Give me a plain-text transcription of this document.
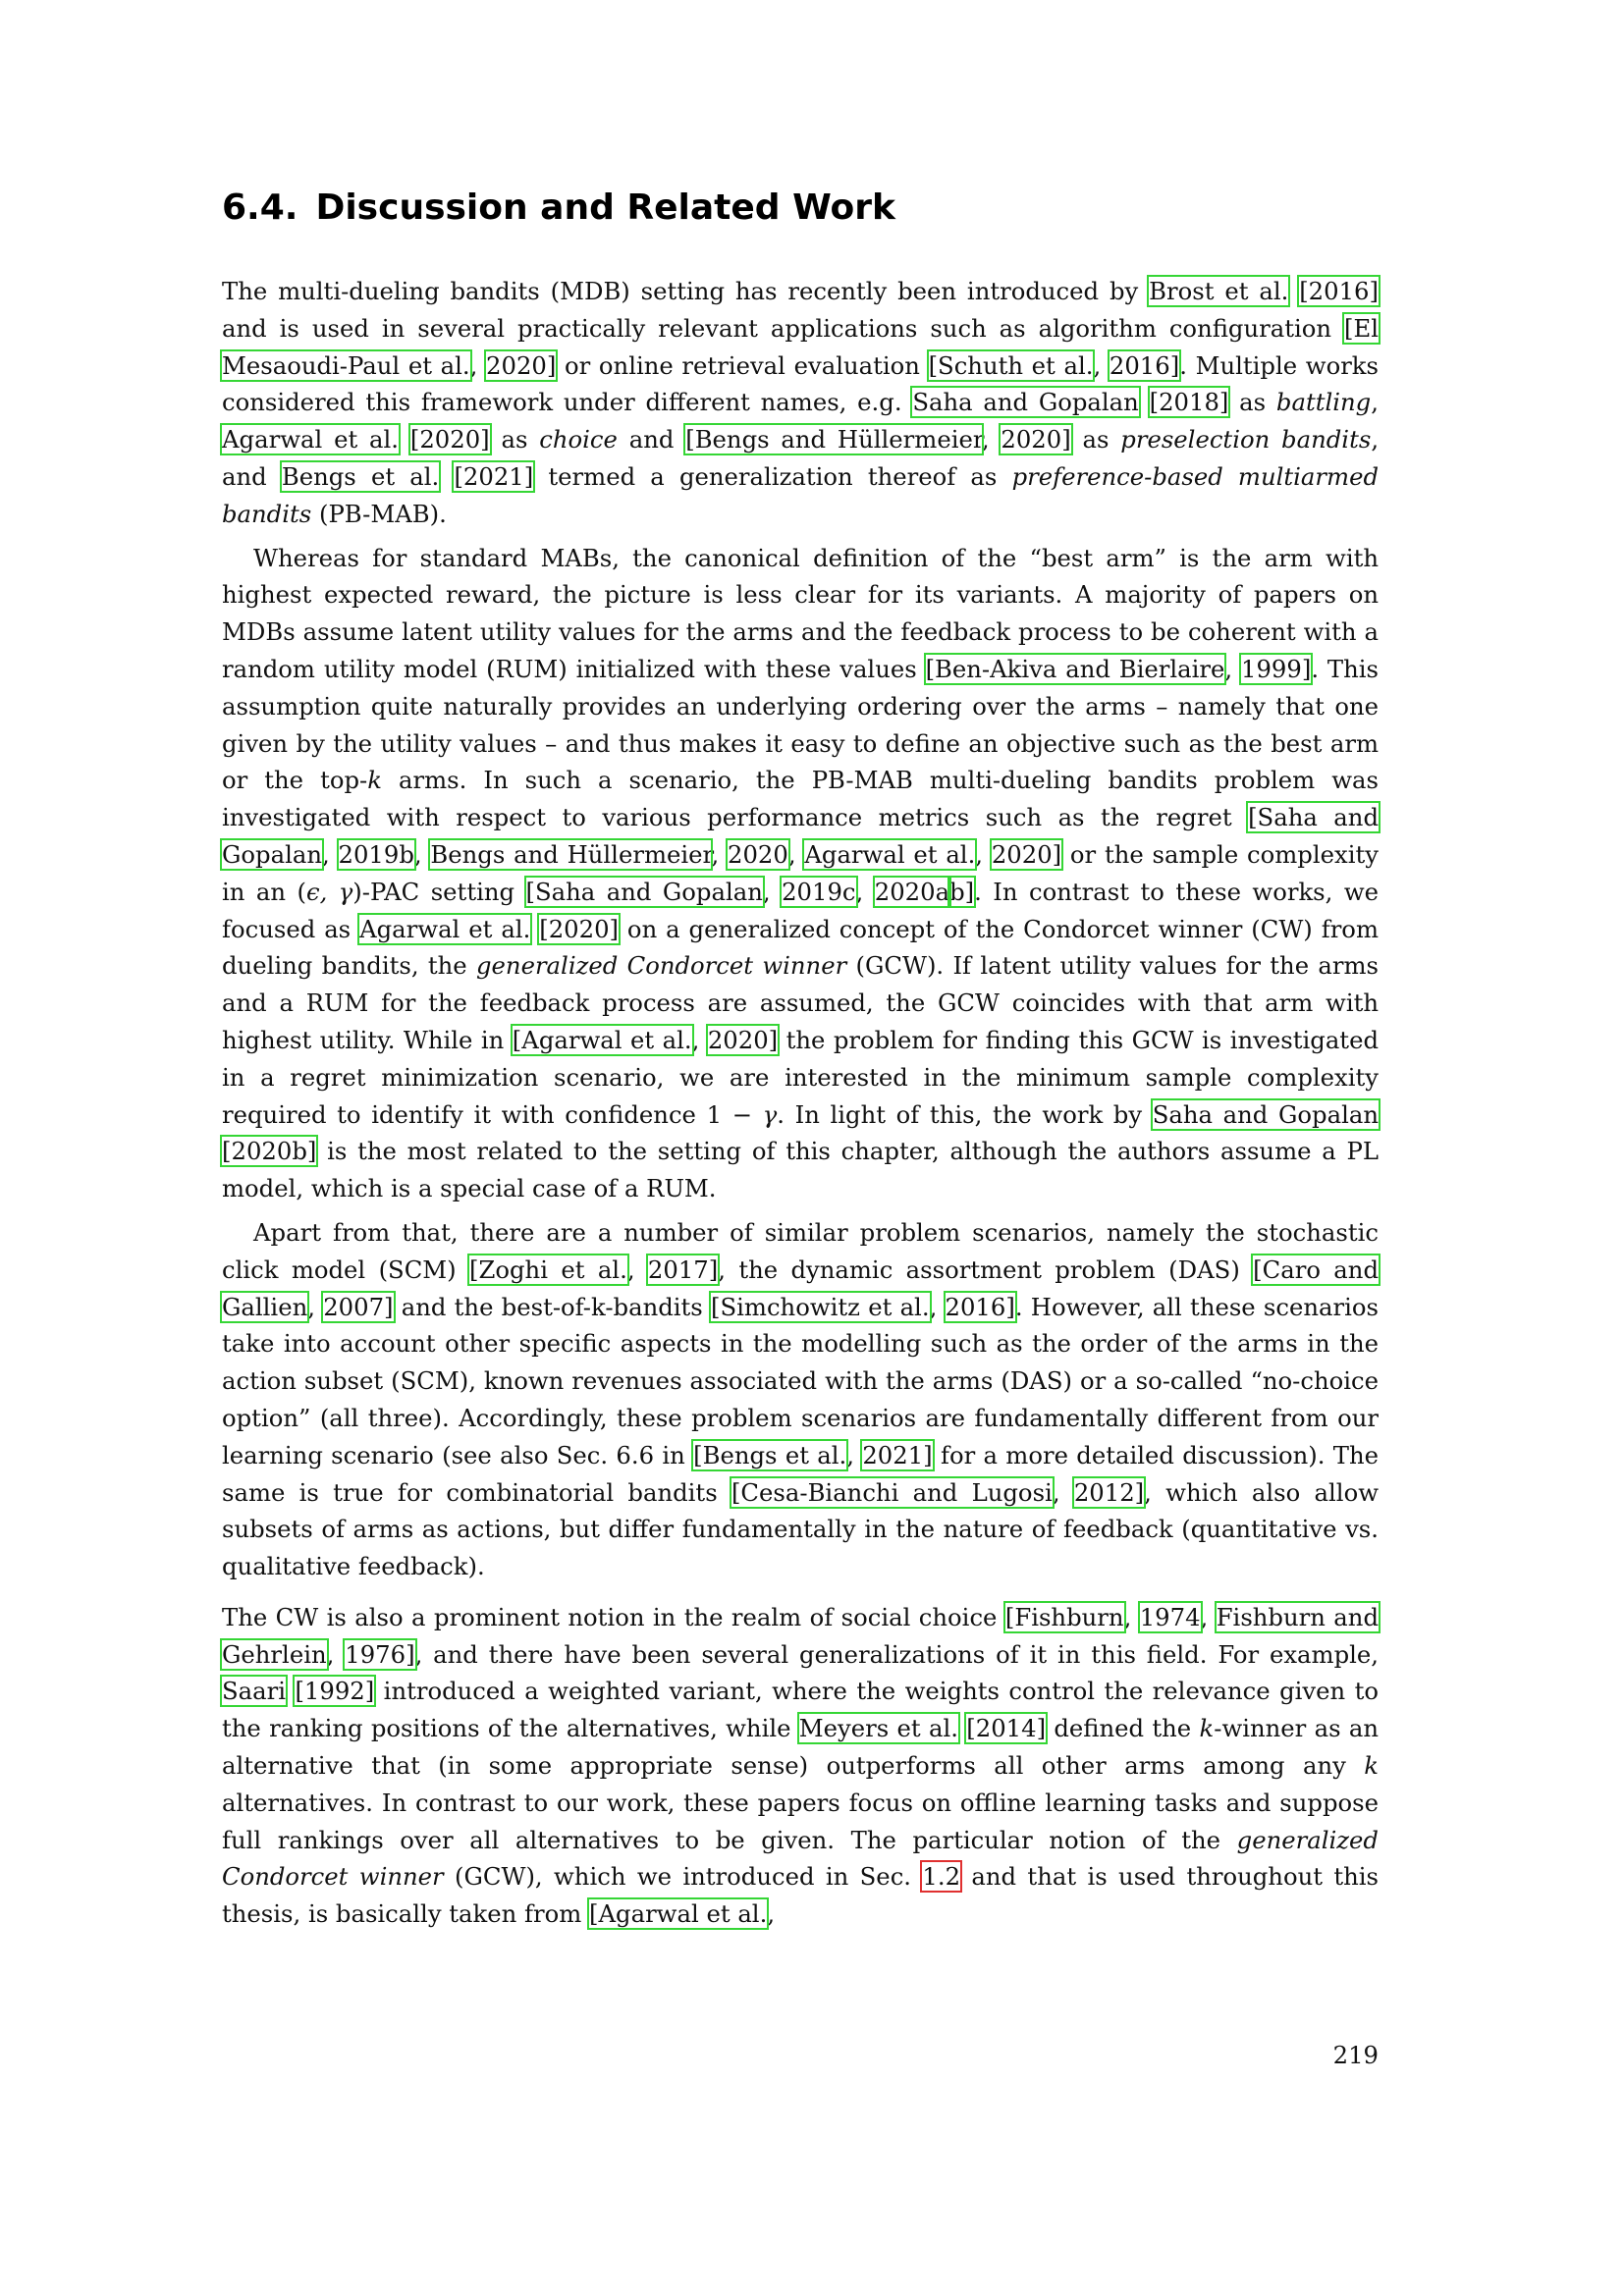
6.4. Discussion and Related Work

The multi-dueling bandits (MDB) setting has recently been introduced by Brost et al. [2016] and is used in several practically relevant applications such as algorithm configuration [El Mesaoudi-Paul et al., 2020] or online retrieval evaluation [Schuth et al., 2016]. Multiple works considered this framework under different names, e.g. Saha and Gopalan [2018] as battling, Agarwal et al. [2020] as choice and [Bengs and Hüllermeier, 2020] as preselection bandits, and Bengs et al. [2021] termed a generalization thereof as preference-based multiarmed bandits (PB-MAB).

Whereas for standard MABs, the canonical definition of the “best arm” is the arm with highest expected reward, the picture is less clear for its variants. A majority of papers on MDBs assume latent utility values for the arms and the feedback process to be coherent with a random utility model (RUM) initialized with these values [Ben-Akiva and Bierlaire, 1999]. This assumption quite naturally provides an underlying ordering over the arms – namely that one given by the utility values – and thus makes it easy to define an objective such as the best arm or the top-k arms. In such a scenario, the PB-MAB multi-dueling bandits problem was investigated with respect to various performance metrics such as the regret [Saha and Gopalan, 2019b, Bengs and Hüllermeier, 2020, Agarwal et al., 2020] or the sample complexity in an (ϵ, γ)-PAC setting [Saha and Gopalan, 2019c, 2020ab]. In contrast to these works, we focused as Agarwal et al. [2020] on a generalized concept of the Condorcet winner (CW) from dueling bandits, the generalized Condorcet winner (GCW). If latent utility values for the arms and a RUM for the feedback process are assumed, the GCW coincides with that arm with highest utility. While in [Agarwal et al., 2020] the problem for finding this GCW is investigated in a regret minimization scenario, we are interested in the minimum sample complexity required to identify it with confidence 1 − γ. In light of this, the work by Saha and Gopalan [2020b] is the most related to the setting of this chapter, although the authors assume a PL model, which is a special case of a RUM.

Apart from that, there are a number of similar problem scenarios, namely the stochastic click model (SCM) [Zoghi et al., 2017], the dynamic assortment problem (DAS) [Caro and Gallien, 2007] and the best-of-k-bandits [Simchowitz et al., 2016]. However, all these scenarios take into account other specific aspects in the modelling such as the order of the arms in the action subset (SCM), known revenues associated with the arms (DAS) or a so-called “no-choice option” (all three). Accordingly, these problem scenarios are fundamentally different from our learning scenario (see also Sec. 6.6 in [Bengs et al., 2021] for a more detailed discussion). The same is true for combinatorial bandits [Cesa-Bianchi and Lugosi, 2012], which also allow subsets of arms as actions, but differ fundamentally in the nature of feedback (quantitative vs. qualitative feedback).

The CW is also a prominent notion in the realm of social choice [Fishburn, 1974, Fishburn and Gehrlein, 1976], and there have been several generalizations of it in this field. For example, Saari [1992] introduced a weighted variant, where the weights control the relevance given to the ranking positions of the alternatives, while Meyers et al. [2014] defined the k-winner as an alternative that (in some appropriate sense) outperforms all other arms among any k alternatives. In contrast to our work, these papers focus on offline learning tasks and suppose full rankings over all alternatives to be given. The particular notion of the generalized Condorcet winner (GCW), which we introduced in Sec. 1.2 and that is used throughout this thesis, is basically taken from [Agarwal et al.,

219
